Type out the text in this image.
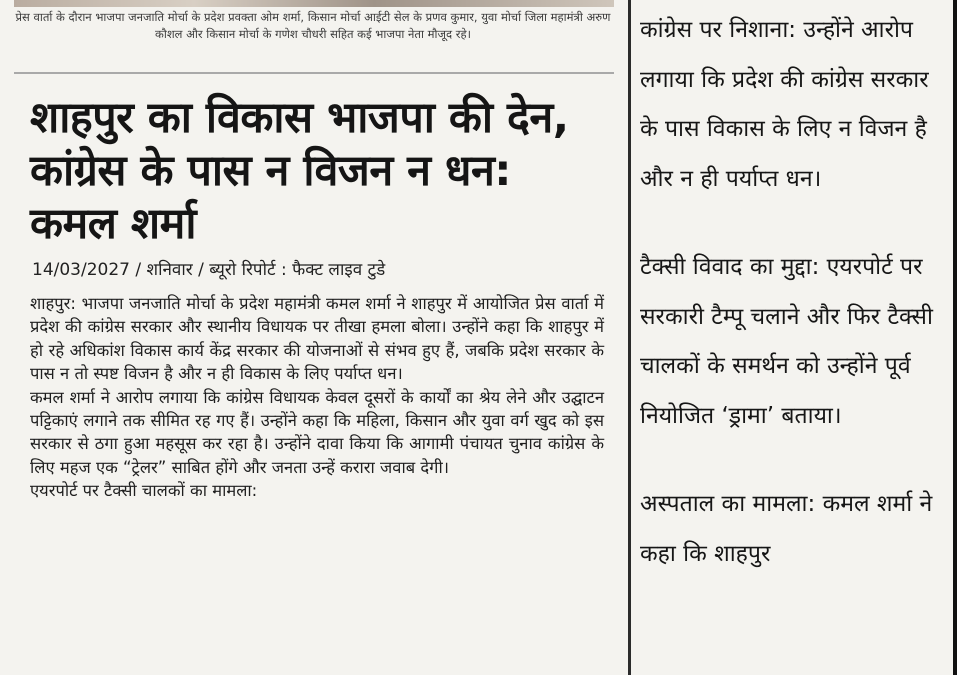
प्रेस वार्ता के दौरान भाजपा जनजाति मोर्चा के प्रदेश प्रवक्ता ओम शर्मा, किसान मोर्चा आईटी सेल के प्रणव कुमार, युवा मोर्चा जिला महामंत्री अरुण कौशल और किसान मोर्चा के गणेश चौधरी सहित कई भाजपा नेता मौजूद रहे।
शाहपुर का विकास भाजपा की देन, कांग्रेस के पास न विजन न धन: कमल शर्मा
14/03/2027 / शनिवार / ब्यूरो रिपोर्ट : फैक्ट लाइव टुडे

शाहपुर: भाजपा जनजाति मोर्चा के प्रदेश महामंत्री कमल शर्मा ने शाहपुर में आयोजित प्रेस वार्ता में प्रदेश की कांग्रेस सरकार और स्थानीय विधायक पर तीखा हमला बोला। उन्होंने कहा कि शाहपुर में हो रहे अधिकांश विकास कार्य केंद्र सरकार की योजनाओं से संभव हुए हैं, जबकि प्रदेश सरकार के पास न तो स्पष्ट विजन है और न ही विकास के लिए पर्याप्त धन।

कमल शर्मा ने आरोप लगाया कि कांग्रेस विधायक केवल दूसरों के कार्यों का श्रेय लेने और उद्घाटन पट्टिकाएं लगाने तक सीमित रह गए हैं। उन्होंने कहा कि महिला, किसान और युवा वर्ग खुद को इस सरकार से ठगा हुआ महसूस कर रहा है। उन्होंने दावा किया कि आगामी पंचायत चुनाव कांग्रेस के लिए महज एक “ट्रेलर” साबित होंगे और जनता उन्हें करारा जवाब देगी।

एयरपोर्ट पर टैक्सी चालकों का मामला:

कांग्रेस पर निशाना: उन्होंने आरोप लगाया कि प्रदेश की कांग्रेस सरकार के पास विकास के लिए न विजन है और न ही पर्याप्त धन।

टैक्सी विवाद का मुद्दा: एयरपोर्ट पर सरकारी टैम्पू चलाने और फिर टैक्सी चालकों के समर्थन को उन्होंने पूर्व नियोजित ‘ड्रामा’ बताया।

अस्पताल का मामला: कमल शर्मा ने कहा कि शाहपुर
